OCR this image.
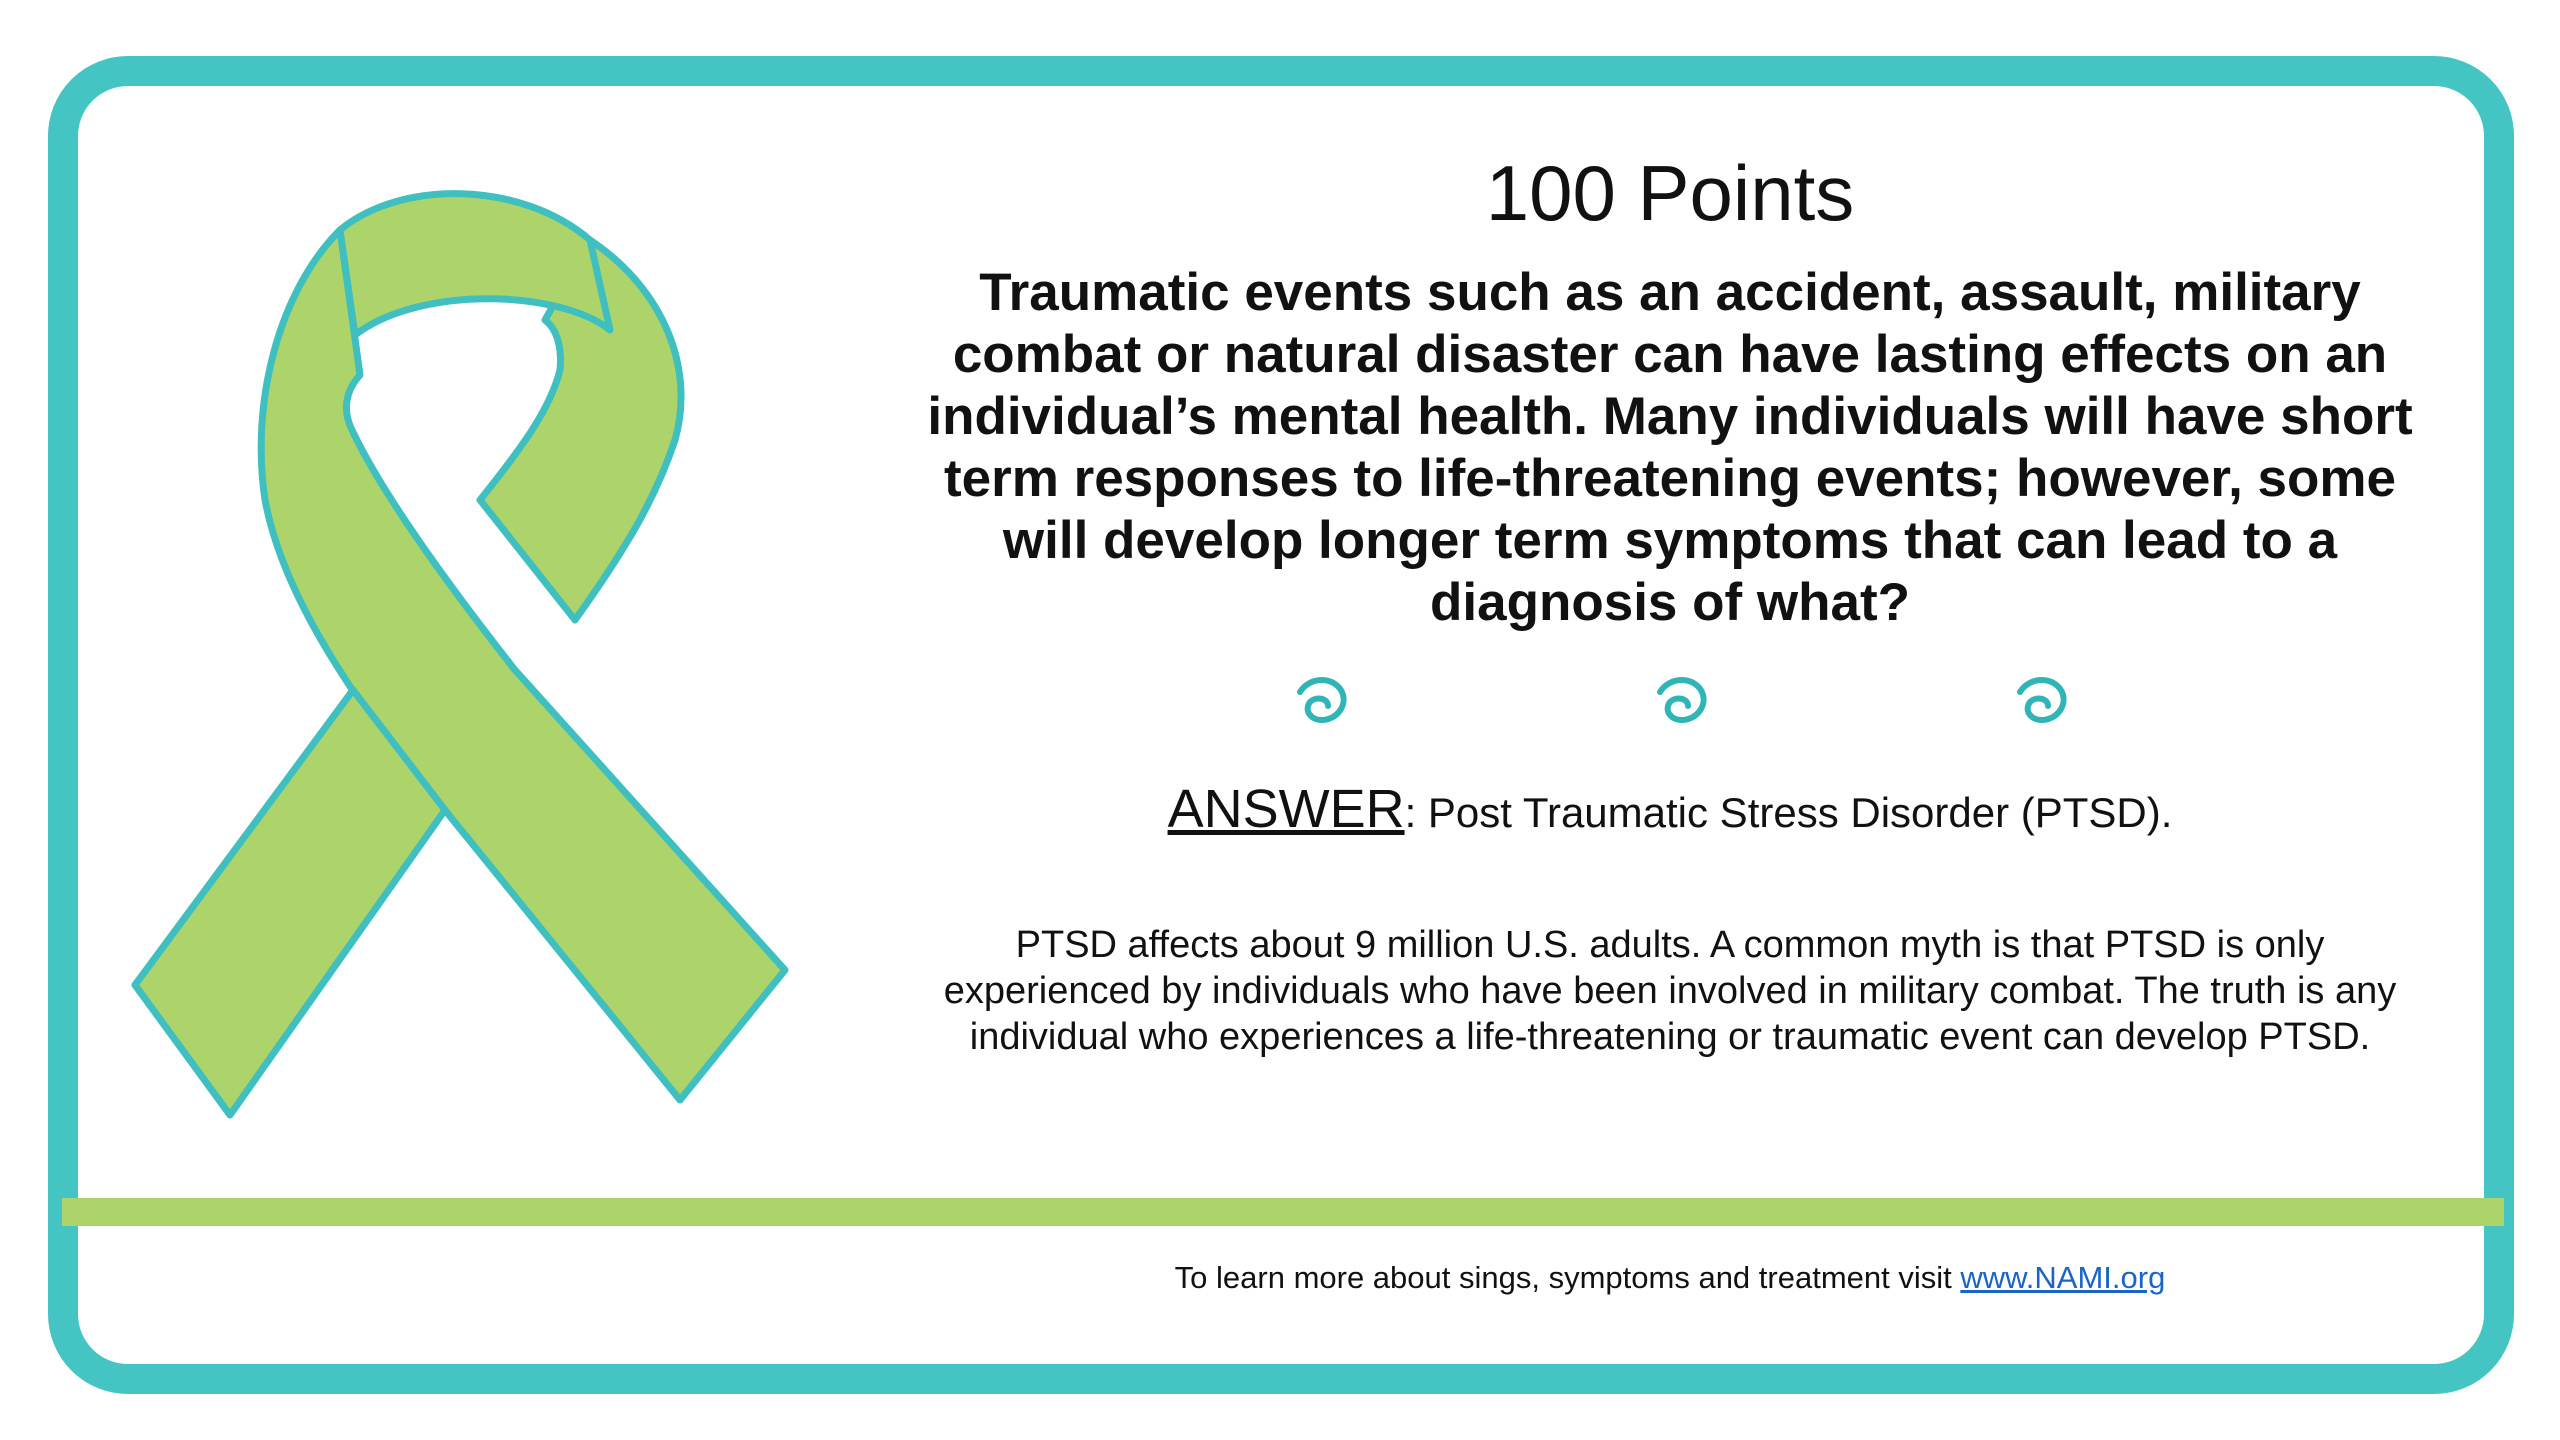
100 Points
Traumatic events such as an accident, assault, military combat or natural disaster can have lasting effects on an individual’s mental health. Many individuals will have short term responses to life-threatening events; however, some will develop longer term symptoms that can lead to a diagnosis of what?
ANSWER: Post Traumatic Stress Disorder (PTSD).
PTSD affects about 9 million U.S. adults. A common myth is that PTSD is only experienced by individuals who have been involved in military combat. The truth is any individual who experiences a life-threatening or traumatic event can develop PTSD.
To learn more about sings, symptoms and treatment visit www.NAMI.org
